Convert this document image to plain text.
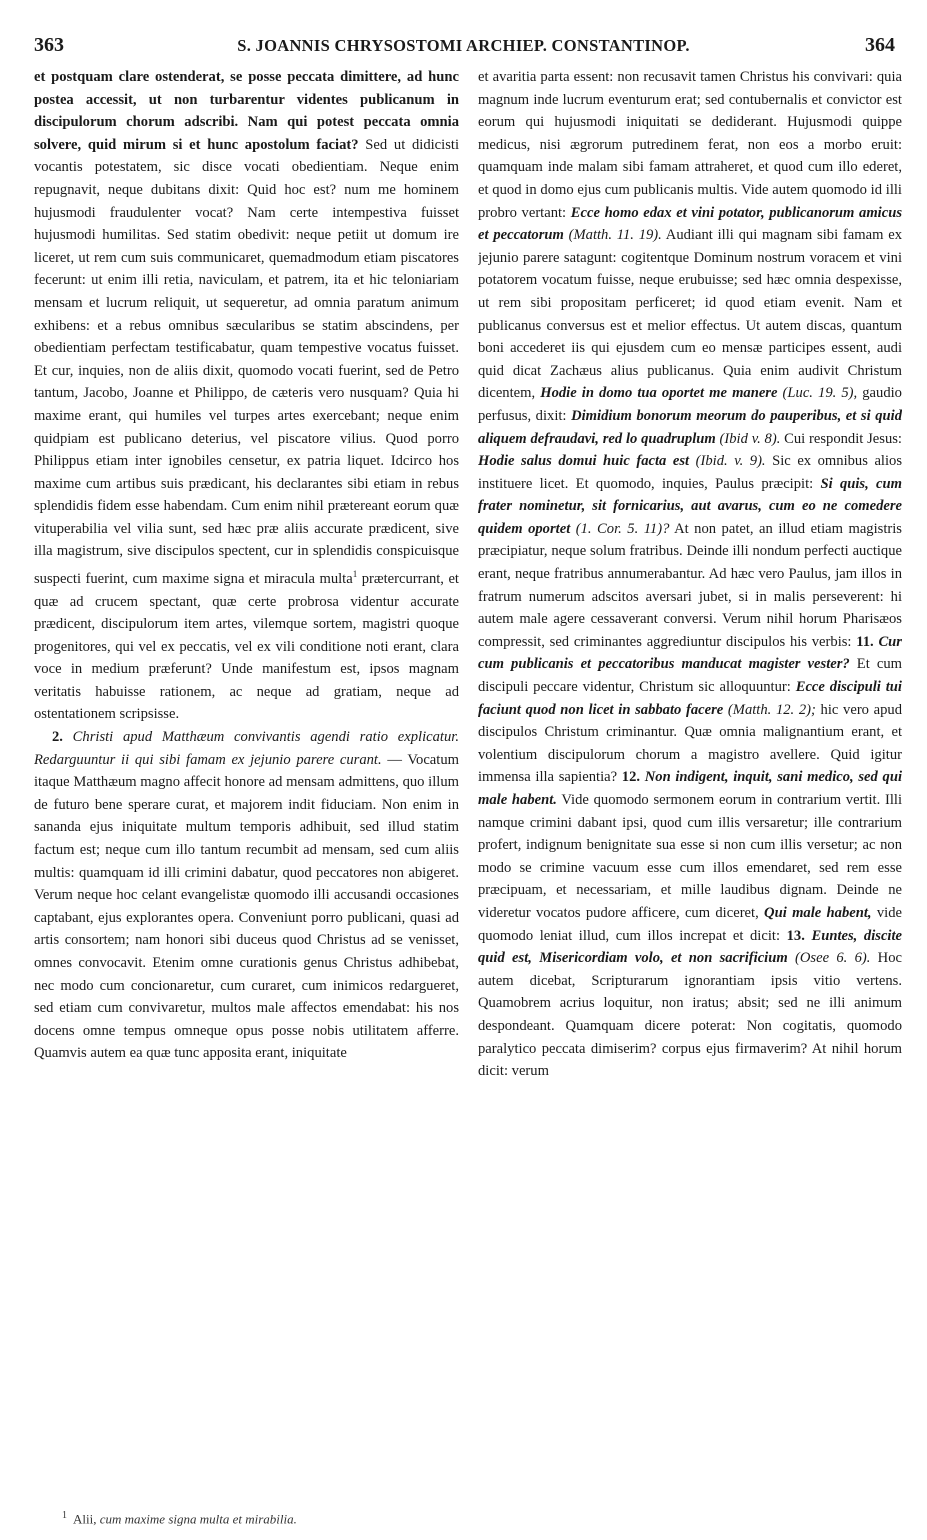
363	S. JOANNIS CHRYSOSTOMI ARCHIEP. CONSTANTINOP.	364

et postquam clare ostenderat, se posse peccata dimittere, ad hunc postea accessit, ut non turbarentur videntes publicanum in discipulorum chorum adscribi. Nam qui potest peccata omnia solvere, quid mirum si et hunc apostolum faciat? Sed ut didicisti vocantis potestatem, sic disce vocati obedientiam. Neque enim repugnavit, neque dubitans dixit: Quid hoc est? num me hominem hujusmodi fraudulenter vocat? Nam certe intempestiva fuisset hujusmodi humilitas. Sed statim obedivit: neque petiit ut domum ire liceret, ut rem cum suis communicaret, quemadmodum etiam piscatores fecerunt: ut enim illi retia, naviculam, et patrem, ita et hic teloniariam mensam et lucrum reliquit, ut sequeretur, ad omnia paratum animum exhibens: et a rebus omnibus sæcularibus se statim abscindens, per obedientiam perfectam testificabatur, quam tempestive vocatus fuisset. Et cur, inquies, non de aliis dixit, quomodo vocati fuerint, sed de Petro tantum, Jacobo, Joanne et Philippo, de cæteris vero nusquam? Quia hi maxime erant, qui humiles vel turpes artes exercebant; neque enim quidpiam est publicano deterius, vel piscatore vilius. Quod porro Philippus etiam inter ignobiles censetur, ex patria liquet. Idcirco hos maxime cum artibus suis prædicant, his declarantes sibi etiam in rebus splendidis fidem esse habendam. Cum enim nihil prætereant eorum quæ vituperabilia vel vilia sunt, sed hæc præ aliis accurate prædicent, sive illa magistrum, sive discipulos spectent, cur in splendidis conspicuisque suspecti fuerint, cum maxime signa et miracula multa$^1$ prætercurrant, et quæ ad crucem spectant, quæ certe probrosa videntur accurate prædicent, discipulorum item artes, vilemque sortem, magistri quoque progenitores, qui vel ex peccatis, vel ex vili conditione noti erant, clara voce in medium præferunt? Unde manifestum est, ipsos magnam veritatis habuisse rationem, ac neque ad gratiam, neque ad ostentationem scripsisse.

2. Christi apud Matthæum convivantis agendi ratio explicatur. Redarguuntur ii qui sibi famam ex jejunio parere curant. — Vocatum itaque Matthæum magno affecit honore ad mensam admittens, quo illum de futuro bene sperare curat, et majorem indit fiduciam. Non enim in sananda ejus iniquitate multum temporis adhibuit, sed illud statim factum est; neque cum illo tantum recumbit ad mensam, sed cum aliis multis: quamquam id illi crimini dabatur, quod peccatores non abigeret. Verum neque hoc celant evangelistæ quomodo illi accusandi occasiones captabant, ejus explorantes opera. Conveniunt porro publicani, quasi ad artis consortem; nam honori sibi duceus quod Christus ad se venisset, omnes convocavit. Etenim omne curationis genus Christus adhibebat, nec modo cum concionaretur, cum curaret, cum inimicos redargueret, sed etiam cum convivaretur, multos male affectos emendabat: his nos docens omne tempus omneque opus posse nobis utilitatem afferre. Quamvis autem ea quæ tunc apposita erant, iniquitate

et avaritia parta essent: non recusavit tamen Christus his convivari: quia magnum inde lucrum eventurum erat; sed contubernalis et convictor est eorum qui hujusmodi iniquitati se dediderant. Hujusmodi quippe medicus, nisi ægrorum putredinem ferat, non eos a morbo eruit: quamquam inde malam sibi famam attraheret, et quod cum illo ederet, et quod in domo ejus cum publicanis multis. Vide autem quomodo id illi probro vertant: Ecce homo edax et vini potator, publicanorum amicus et peccatorum (Matth. 11. 19). Audiant illi qui magnam sibi famam ex jejunio parere satagunt: cogitentque Dominum nostrum voracem et vini potatorem vocatum fuisse, neque erubuisse; sed hæc omnia despexisse, ut rem sibi propositam perficeret; id quod etiam evenit. Nam et publicanus conversus est et melior effectus. Ut autem discas, quantum boni accederet iis qui ejusdem cum eo mensæ participes essent, audi quid dicat Zachæus alius publicanus. Quia enim audivit Christum dicentem, Hodie in domo tua oportet me manere (Luc. 19. 5), gaudio perfusus, dixit: Dimidium bonorum meorum do pauperibus, et si quid aliquem defraudavi, red lo quadruplum (Ibid v. 8). Cui respondit Jesus: Hodie salus domui huic facta est (Ibid. v. 9). Sic ex omnibus alios instituere licet. Et quomodo, inquies, Paulus præcipit: Si quis, cum frater nominetur, sit fornicarius, aut avarus, cum eo ne comedere quidem oportet (1. Cor. 5. 11)? At non patet, an illud etiam magistris præcipiatur, neque solum fratribus. Deinde illi nondum perfecti auctique erant, neque fratribus annumerabantur. Ad hæc vero Paulus, jam illos in fratrum numerum adscitos aversari jubet, si in malis perseverent: hi autem male agere cessaverant conversi. Verum nihil horum Pharisæos compressit, sed criminantes aggrediuntur discipulos his verbis: 11. Cur cum publicanis et peccatoribus manducat magister vester? Et cum discipuli peccare videntur, Christum sic alloquuntur: Ecce discipuli tui faciunt quod non licet in sabbato facere (Matth. 12. 2); hic vero apud discipulos Christum criminantur. Quæ omnia malignantium erant, et volentium discipulorum chorum a magistro avellere. Quid igitur immensa illa sapientia? 12. Non indigent, inquit, sani medico, sed qui male habent. Vide quomodo sermonem eorum in contrarium vertit. Illi namque crimini dabant ipsi, quod cum illis versaretur; ille contrarium profert, indignum benignitate sua esse si non cum illis versetur; ac non modo se crimine vacuum esse cum illos emendaret, sed rem esse præcipuam, et necessariam, et mille laudibus dignam. Deinde ne videretur vocatos pudore afficere, cum diceret, Qui male habent, vide quomodo leniat illud, cum illos increpat et dicit: 13. Euntes, discite quid est, Misericordiam volo, et non sacrificium (Osee 6. 6). Hoc autem dicebat, Scripturarum ignorantiam ipsis vitio vertens. Quamobrem acrius loquitur, non iratus; absit; sed ne illi animum despondeant. Quamquam dicere poterat: Non cogitatis, quomodo paralytico peccata dimiserim? corpus ejus firmaverim? At nihil horum dicit: verum

$^1$ Alii, cum maxime signa multa et mirabilia.
